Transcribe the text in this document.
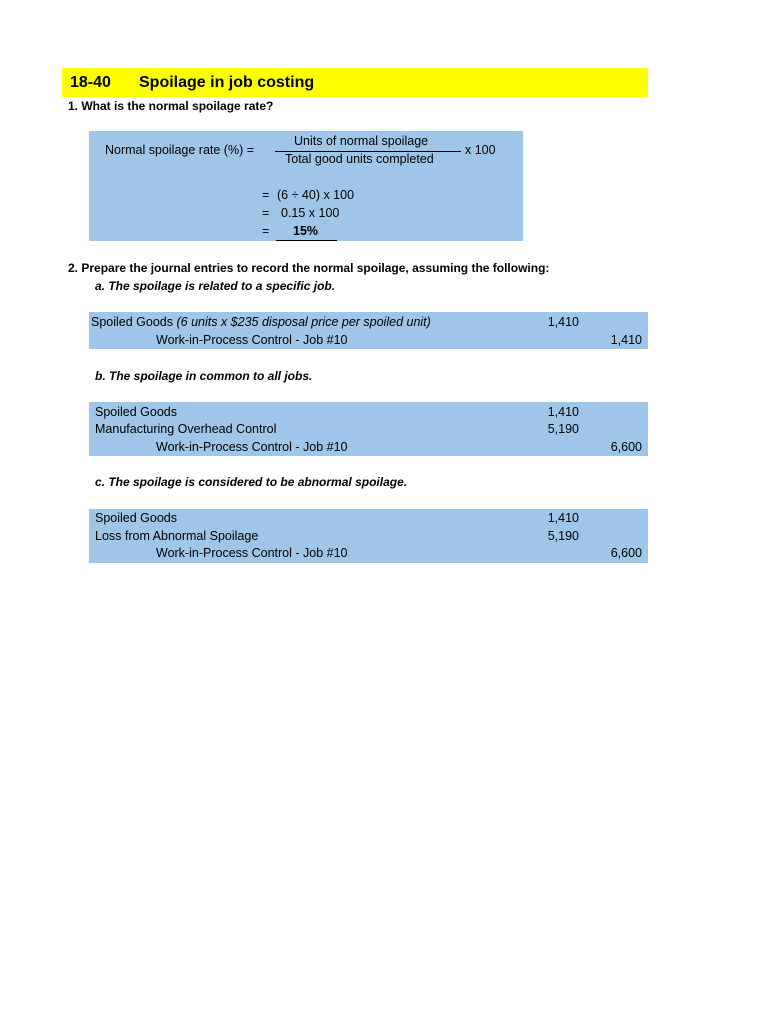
18-40 Spoilage in job costing
1. What is the normal spoilage rate?
Normal spoilage rate (%) =
Units of normal spoilage
Total good units completed
x 100
= (6 ÷ 40) x 100
= 0.15 x 100
= 15%
2. Prepare the journal entries to record the normal spoilage, assuming the following:
a. The spoilage is related to a specific job.
Spoiled Goods (6 units x $235 disposal price per spoiled unit)	1,410
Work-in-Process Control - Job #10	1,410
b. The spoilage in common to all jobs.
Spoiled Goods	1,410
Manufacturing Overhead Control	5,190
Work-in-Process Control - Job #10	6,600
c. The spoilage is considered to be abnormal spoilage.
Spoiled Goods	1,410
Loss from Abnormal Spoilage	5,190
Work-in-Process Control - Job #10	6,600
